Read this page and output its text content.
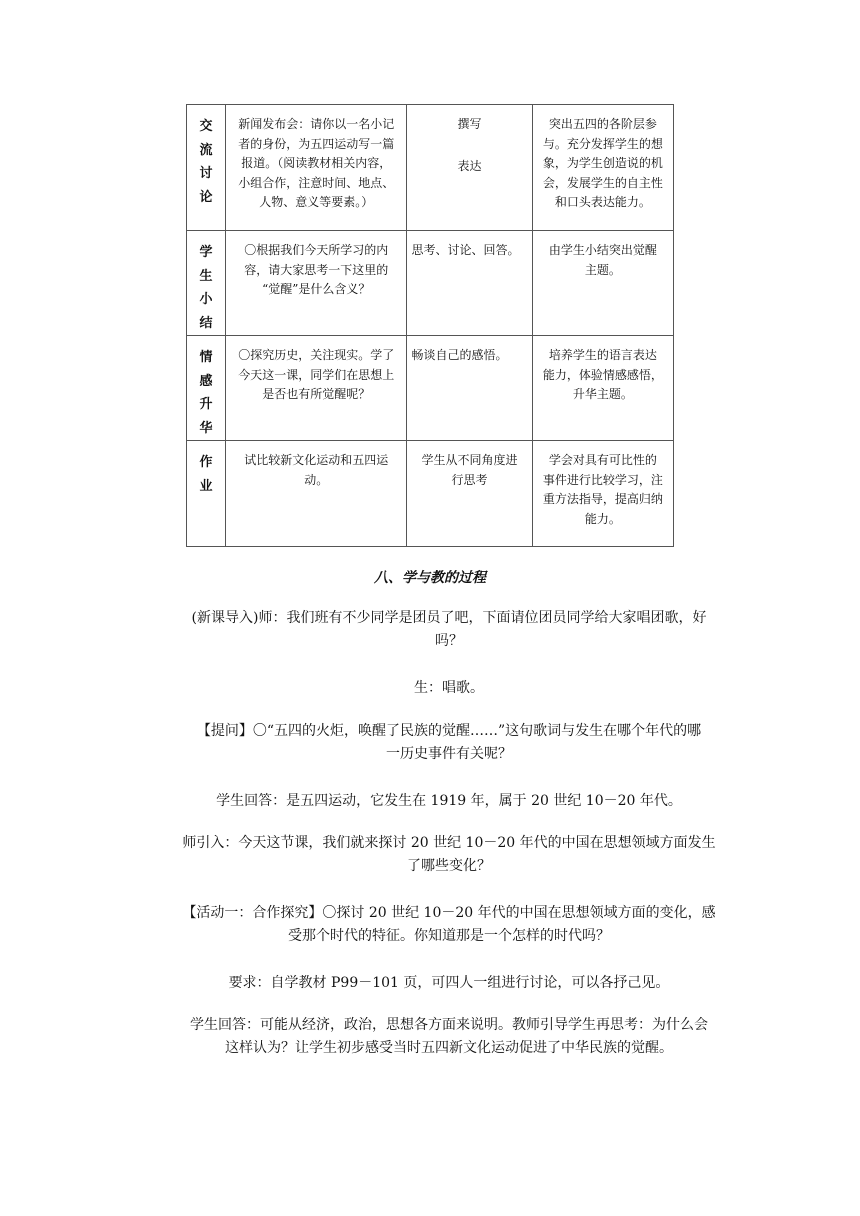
交流讨论	新闻发布会：请你以一名小记
者的身份，为五四运动写一篇
报道。（阅读教材相关内容，
小组合作，注意时间、地点、
人物、意义等要素。）	撰写
表达	突出五四的各阶层参
与。充分发挥学生的想
象，为学生创造说的机
会，发展学生的自主性
和口头表达能力。

学生小结	〇根据我们今天所学习的内
容，请大家思考一下这里的
“觉醒”是什么含义？	思考、讨论、回答。	由学生小结突出觉醒
主题。

情感升华	〇探究历史，关注现实。学了
今天这一课，同学们在思想上
是否也有所觉醒呢？	畅谈自己的感悟。	培养学生的语言表达
能力，体验情感感悟，
升华主题。

作业	试比较新文化运动和五四运
动。	学生从不同角度进
行思考	学会对具有可比性的
事件进行比较学习，注
重方法指导，提高归纳
能力。
八、学与教的过程
(新课导入)师：我们班有不少同学是团员了吧，下面请位团员同学给大家唱团歌，好
吗？
生：唱歌。
【提问】〇“五四的火炬，唤醒了民族的觉醒……”这句歌词与发生在哪个年代的哪
一历史事件有关呢？
学生回答：是五四运动，它发生在 1919 年，属于 20 世纪 10－20 年代。
师引入：今天这节课，我们就来探讨 20 世纪 10－20 年代的中国在思想领域方面发生
了哪些变化？
【活动一：合作探究】〇探讨 20 世纪 10－20 年代的中国在思想领域方面的变化，感
受那个时代的特征。你知道那是一个怎样的时代吗？
要求：自学教材 P99－101 页，可四人一组进行讨论，可以各抒己见。
学生回答：可能从经济，政治，思想各方面来说明。教师引导学生再思考：为什么会
这样认为？让学生初步感受当时五四新文化运动促进了中华民族的觉醒。
